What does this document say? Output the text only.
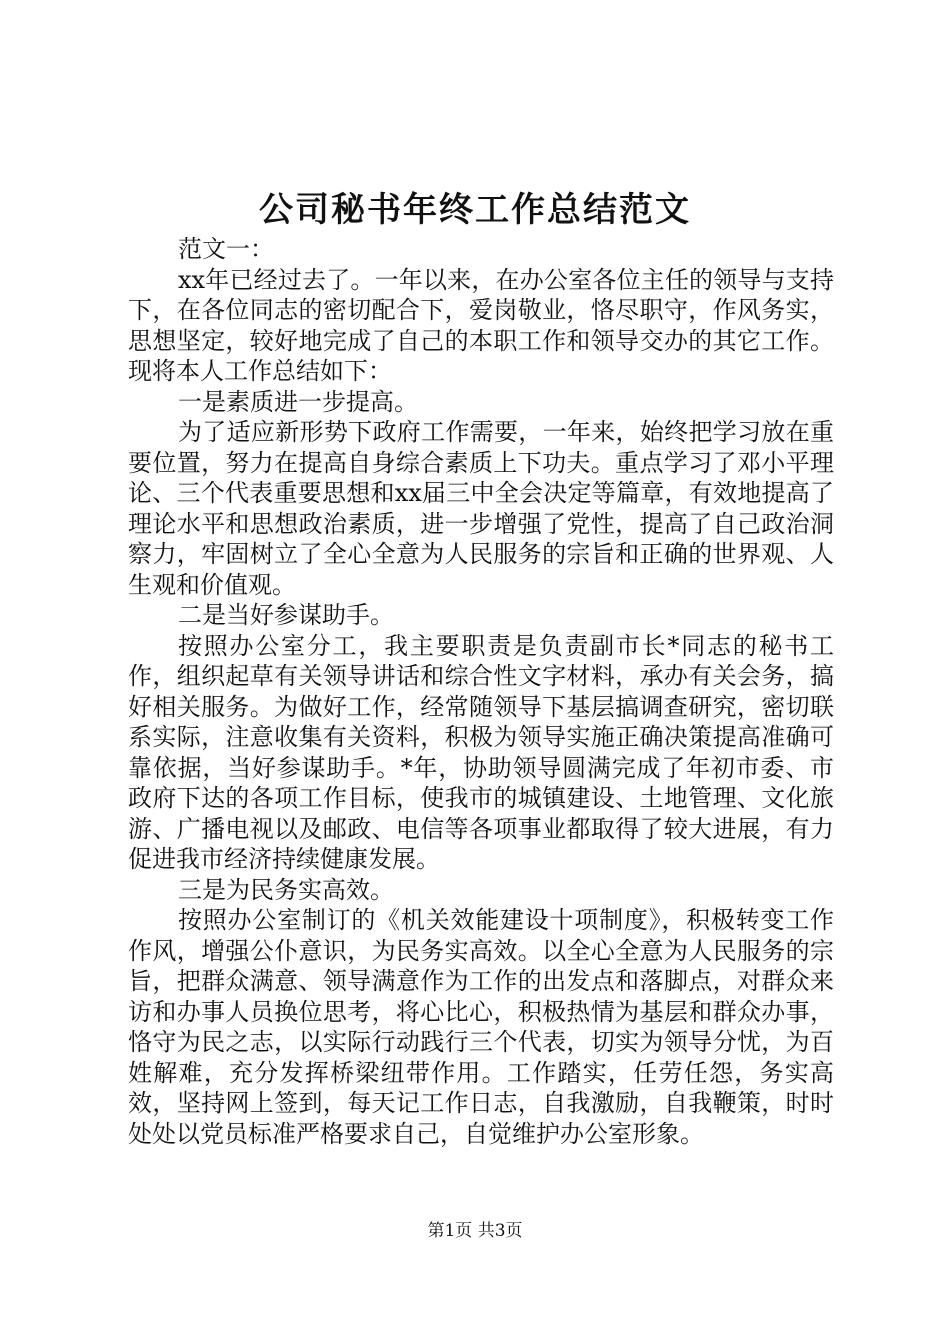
公司秘书年终工作总结范文

范文一：

xx年已经过去了。一年以来，在办公室各位主任的领导与支持下，在各位同志的密切配合下，爱岗敬业，恪尽职守，作风务实，思想坚定，较好地完成了自己的本职工作和领导交办的其它工作。现将本人工作总结如下：

一是素质进一步提高。

为了适应新形势下政府工作需要，一年来，始终把学习放在重要位置，努力在提高自身综合素质上下功夫。重点学习了邓小平理论、三个代表重要思想和xx届三中全会决定等篇章，有效地提高了理论水平和思想政治素质，进一步增强了党性，提高了自己政治洞察力，牢固树立了全心全意为人民服务的宗旨和正确的世界观、人生观和价值观。

二是当好参谋助手。

按照办公室分工，我主要职责是负责副市长*同志的秘书工作，组织起草有关领导讲话和综合性文字材料，承办有关会务，搞好相关服务。为做好工作，经常随领导下基层搞调查研究，密切联系实际，注意收集有关资料，积极为领导实施正确决策提高准确可靠依据，当好参谋助手。*年，协助领导圆满完成了年初市委、市政府下达的各项工作目标，使我市的城镇建设、土地管理、文化旅游、广播电视以及邮政、电信等各项事业都取得了较大进展，有力促进我市经济持续健康发展。

三是为民务实高效。

按照办公室制订的《机关效能建设十项制度》，积极转变工作作风，增强公仆意识，为民务实高效。以全心全意为人民服务的宗旨，把群众满意、领导满意作为工作的出发点和落脚点，对群众来访和办事人员换位思考，将心比心，积极热情为基层和群众办事，恪守为民之志，以实际行动践行三个代表，切实为领导分忧，为百姓解难，充分发挥桥梁纽带作用。工作踏实，任劳任怨，务实高效，坚持网上签到，每天记工作日志，自我激励，自我鞭策，时时处处以党员标准严格要求自己，自觉维护办公室形象。

第1页 共3页
